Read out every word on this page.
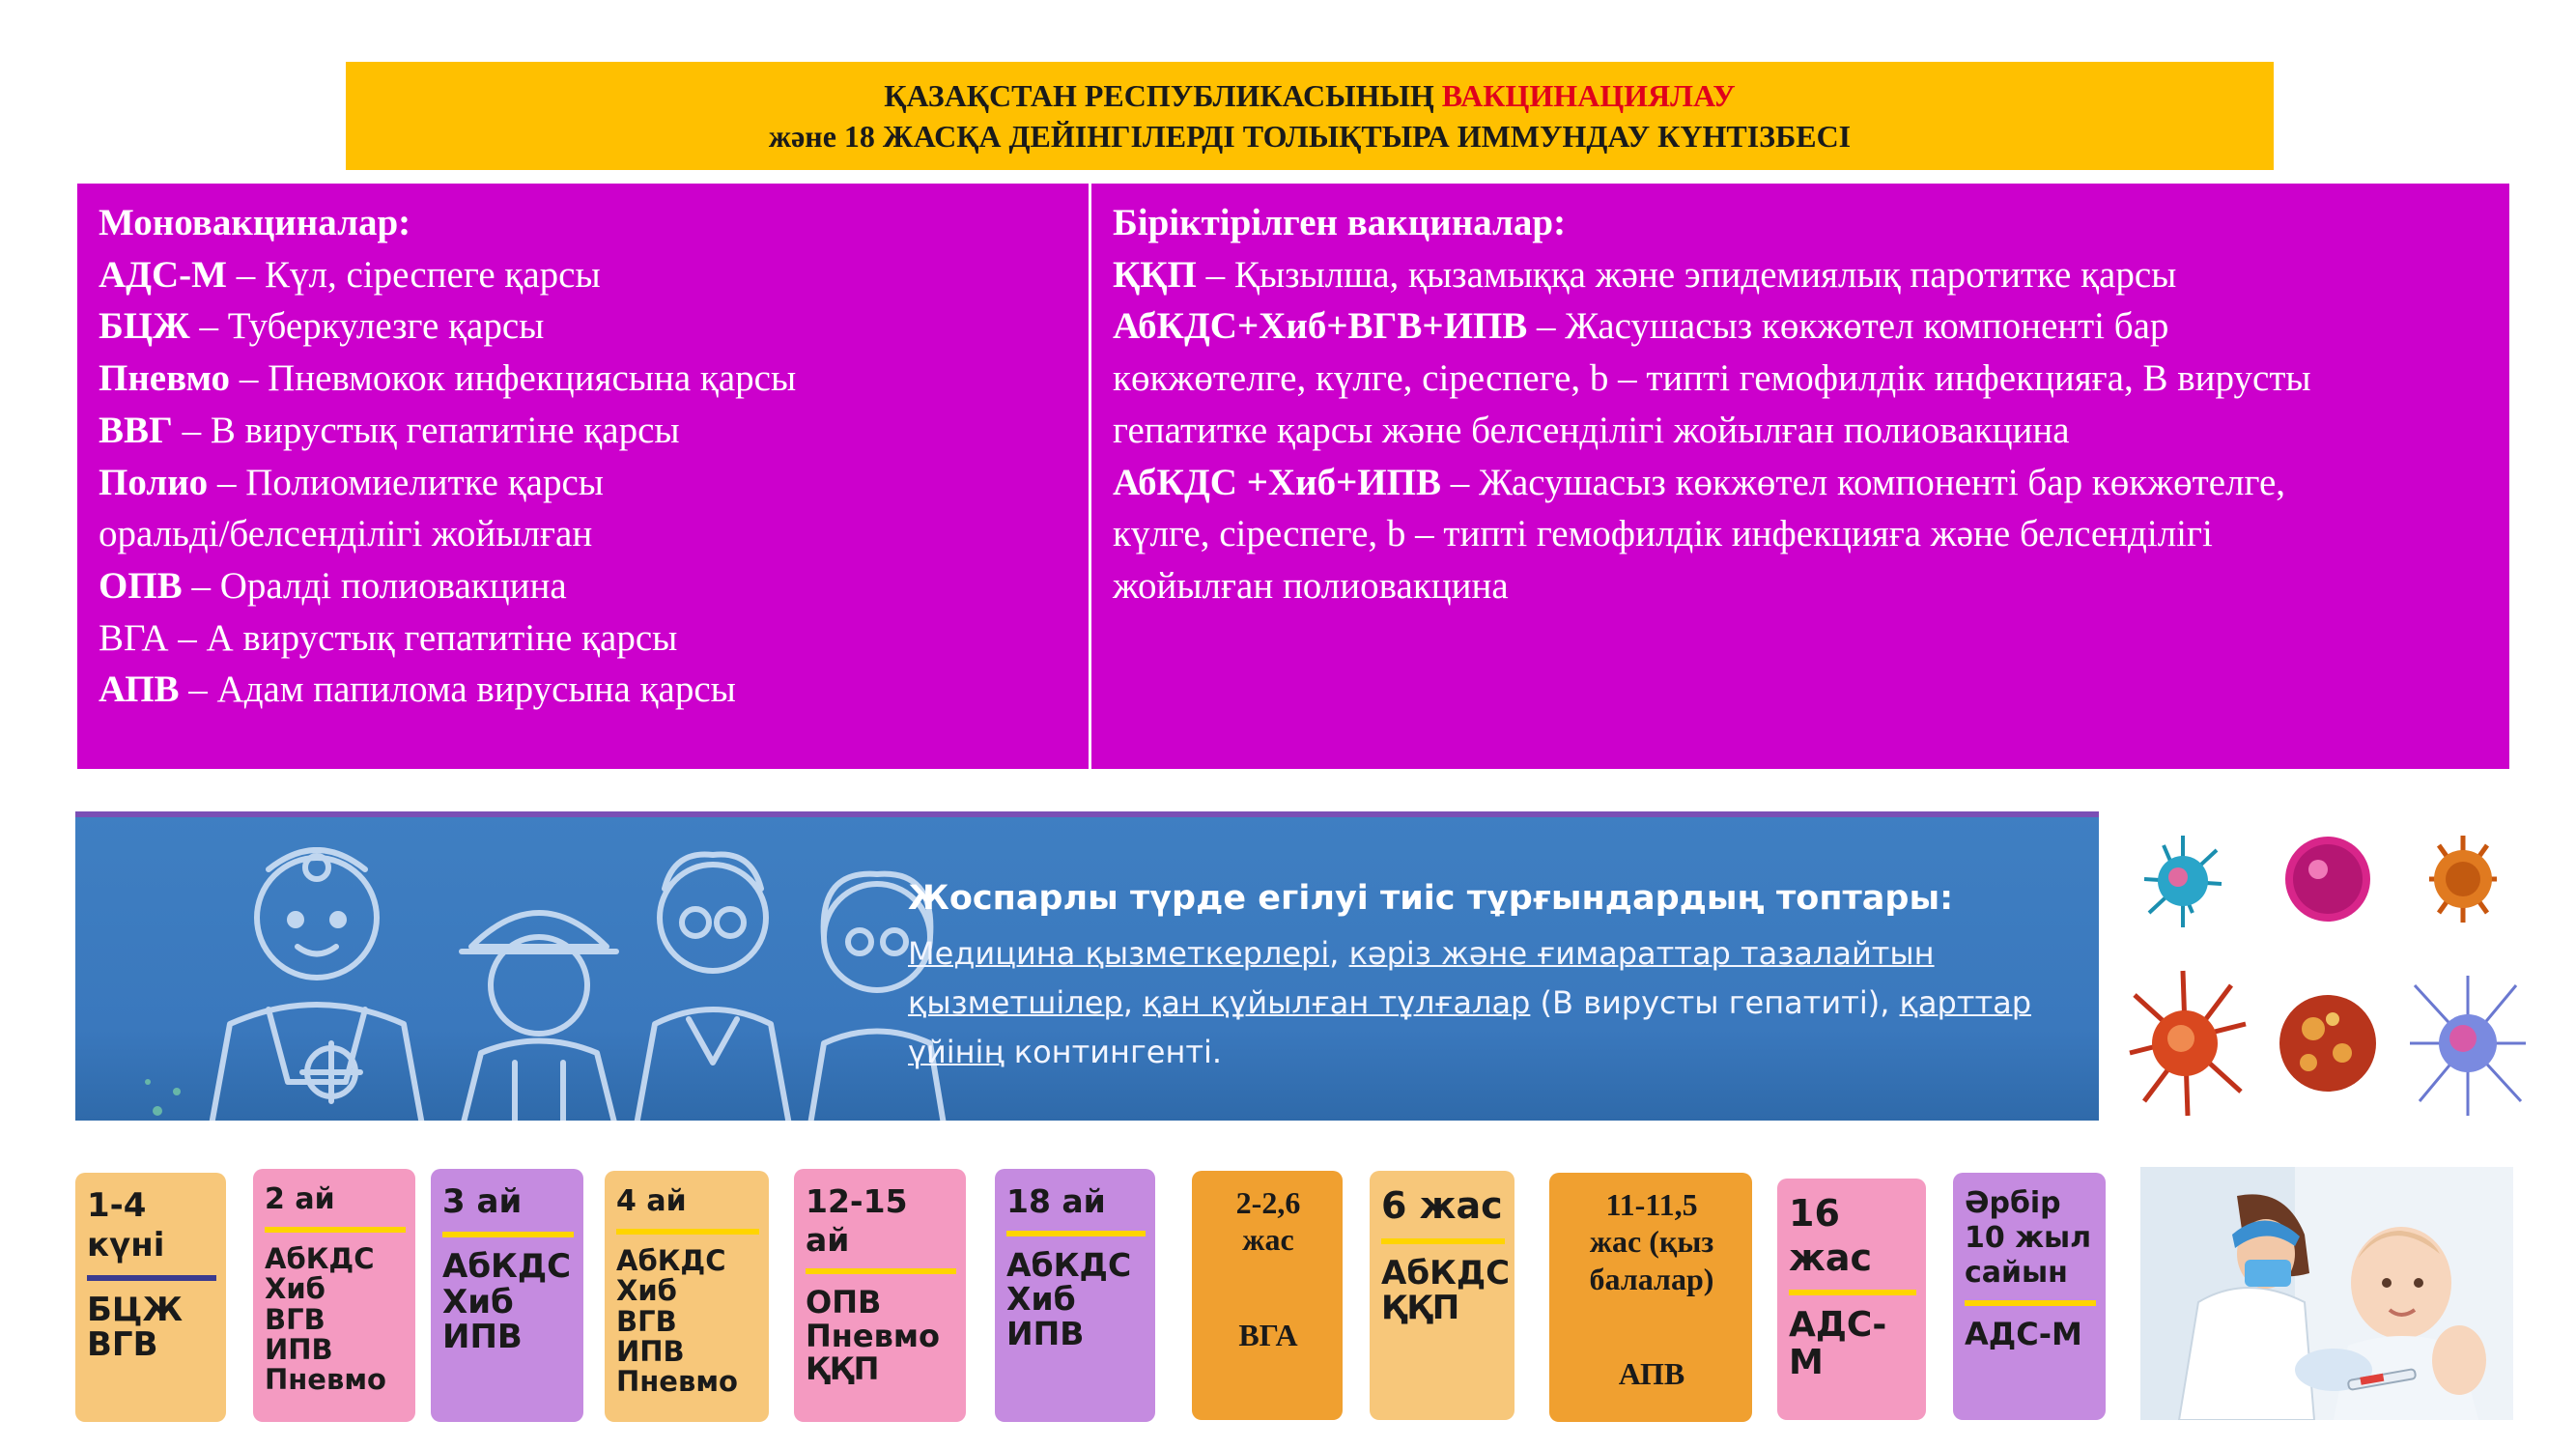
ҚАЗАҚСТАН РЕСПУБЛИКАСЫНЫҢ ВАКЦИНАЦИЯЛАУ
және 18 ЖАСҚА ДЕЙІНГІЛЕРДІ ТОЛЫҚТЫРА ИММУНДАУ КҮНТІЗБЕСІ
Моновакциналар:
АДС-М – Күл, сіреспеге қарсы
БЦЖ – Туберкулезге қарсы
Пневмо – Пневмокок инфекциясына қарсы
ВВГ – В вирустық гепатитіне қарсы
Полио – Полиомиелитке қарсы
оральді/белсенділігі жойылған
ОПВ – Оралді полиовакцина
ВГА – А вирустық гепатитіне қарсы
АПВ – Адам папилома вирусына қарсы
Біріктірілген вакциналар:
ҚҚП – Қызылша, қызамыққа және эпидемиялық паротитке қарсы
АбКДС+Хиб+ВГВ+ИПВ – Жасушасыз көкжөтел компоненті бар
көкжөтелге, күлге, сіреспеге, b – типті гемофилдік инфекцияға, В вирусты
гепатитке қарсы және белсенділігі жойылған полиовакцина
АбКДС +Хиб+ИПВ – Жасушасыз көкжөтел компоненті бар көкжөтелге,
күлге, сіреспеге, b – типті гемофилдік инфекцияға және белсенділігі
жойылған полиовакцина
Жоспарлы түрде егілуі тиіс тұрғындардың топтары:
Медицина қызметкерлері, кәріз және ғимараттар тазалайтын қызметшілер, қан құйылған тұлғалар (В вирусты гепатиті), қарттар үйінің контингенті.
1-4
күні
БЦЖ
ВГВ
2 ай
АбКДС
Хиб
ВГВ
ИПВ
Пневмо
3 ай
АбКДС
Хиб
ИПВ
4 ай
АбКДС
Хиб
ВГВ
ИПВ
Пневмо
12-15 ай
ОПВ
Пневмо
ҚҚП
18 ай
АбКДС
Хиб
ИПВ
2-2,6
жас
ВГА
6 жас
АбКДС
ҚҚП
11-11,5
жас (қыз
балалар)
АПВ
16 жас
АДС-М
Әрбір
10 жыл
сайын
АДС-М
